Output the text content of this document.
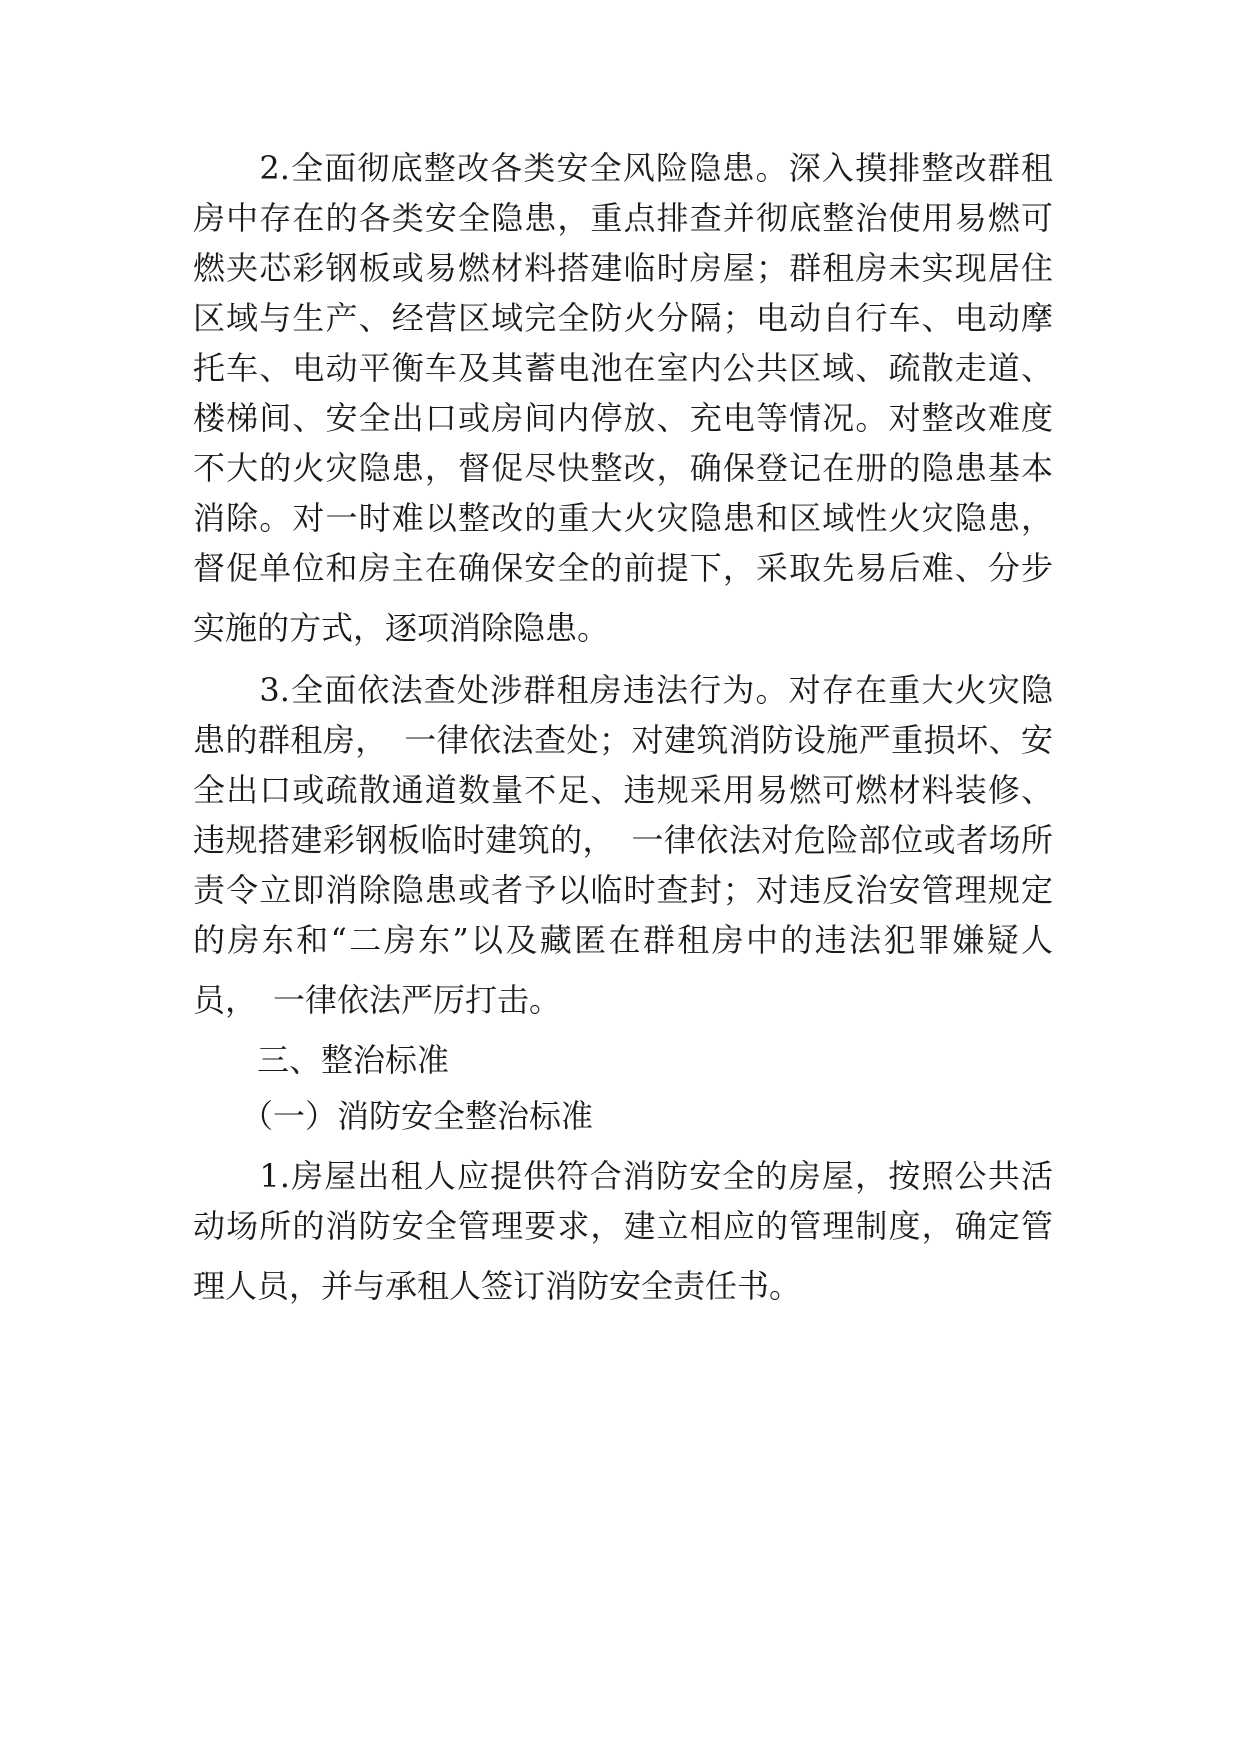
　　2.全面彻底整改各类安全风险隐患。深入摸排整改群租
房中存在的各类安全隐患，重点排查并彻底整治使用易燃可
燃夹芯彩钢板或易燃材料搭建临时房屋；群租房未实现居住
区域与生产、经营区域完全防火分隔；电动自行车、电动摩
托车、电动平衡车及其蓄电池在室内公共区域、疏散走道、
楼梯间、安全出口或房间内停放、充电等情况。对整改难度
不大的火灾隐患，督促尽快整改，确保登记在册的隐患基本
消除。对一时难以整改的重大火灾隐患和区域性火灾隐患，
督促单位和房主在确保安全的前提下，采取先易后难、分步
实施的方式，逐项消除隐患。
　　3.全面依法查处涉群租房违法行为。对存在重大火灾隐
患的群租房，　一律依法查处；对建筑消防设施严重损坏、安
全出口或疏散通道数量不足、违规采用易燃可燃材料装修、
违规搭建彩钢板临时建筑的，　一律依法对危险部位或者场所
责令立即消除隐患或者予以临时查封；对违反治安管理规定
的房东和“二房东”以及藏匿在群租房中的违法犯罪嫌疑人
员，　一律依法严厉打击。
　　三、整治标准
　　（一）消防安全整治标准
　　1.房屋出租人应提供符合消防安全的房屋，按照公共活
动场所的消防安全管理要求，建立相应的管理制度，确定管
理人员，并与承租人签订消防安全责任书。
